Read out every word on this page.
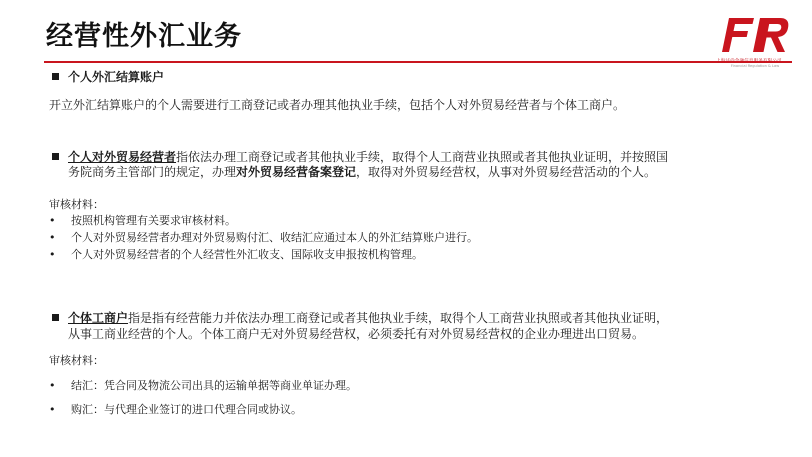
经营性外汇业务
上海法尚金融信息服务有限公司
Financial Regulation & Law
个人外汇结算账户
开立外汇结算账户的个人需要进行工商登记或者办理其他执业手续，包括个人对外贸易经营者与个体工商户。
个人对外贸易经营者指依法办理工商登记或者其他执业手续，取得个人工商营业执照或者其他执业证明，并按照国
务院商务主管部门的规定，办理对外贸易经营备案登记，取得对外贸易经营权，从事对外贸易经营活动的个人。
审核材料：
• 按照机构管理有关要求审核材料。
• 个人对外贸易经营者办理对外贸易购付汇、收结汇应通过本人的外汇结算账户进行。
• 个人对外贸易经营者的个人经营性外汇收支、国际收支申报按机构管理。
个体工商户指是指有经营能力并依法办理工商登记或者其他执业手续，取得个人工商营业执照或者其他执业证明，
从事工商业经营的个人。个体工商户无对外贸易经营权，必须委托有对外贸易经营权的企业办理进出口贸易。
审核材料：
• 结汇：凭合同及物流公司出具的运输单据等商业单证办理。
• 购汇：与代理企业签订的进口代理合同或协议。
